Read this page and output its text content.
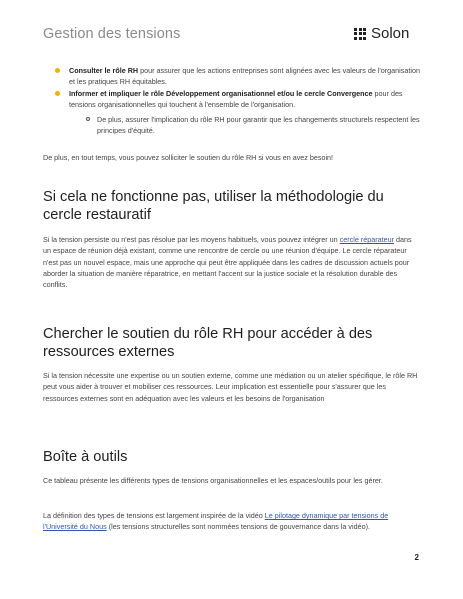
Gestion des tensions	Solon
Consulter le rôle RH pour assurer que les actions entreprises sont alignées avec les valeurs de l'organisation et les pratiques RH équitables.
Informer et impliquer le rôle Développement organisationnel et/ou le cercle Convergence pour des tensions organisationnelles qui touchent à l'ensemble de l'organisation.
De plus, assurer l'implication du rôle RH pour garantir que les changements structurels respectent les principes d'équité.
De plus, en tout temps, vous pouvez solliciter le soutien du rôle RH si vous en avez besoin!
Si cela ne fonctionne pas, utiliser la méthodologie du cercle restauratif
Si la tension persiste ou n'est pas résolue par les moyens habituels, vous pouvez intégrer un cercle réparateur dans un espace de réunion déjà existant, comme une rencontre de cercle ou une réunion d'équipe. Le cercle réparateur n'est pas un nouvel espace, mais une approche qui peut être appliquée dans les cadres de discussion actuels pour aborder la situation de manière réparatrice, en mettant l'accent sur la justice sociale et la résolution durable des conflits.
Chercher le soutien du rôle RH pour accéder à des ressources externes
Si la tension nécessite une expertise ou un soutien externe, comme une médiation ou un atelier spécifique, le rôle RH peut vous aider à trouver et mobiliser ces ressources. Leur implication est essentielle pour s'assurer que les ressources externes sont en adéquation avec les valeurs et les besoins de l'organisation
Boîte à outils
Ce tableau présente les différents types de tensions organisationnelles et les espaces/outils pour les gérer.
La définition des types de tensions est largement inspirée de la vidéo Le pilotage dynamique par tensions de l'Université du Nous (les tensions structurelles sont nommées tensions de gouvernance dans la vidéo).
2
